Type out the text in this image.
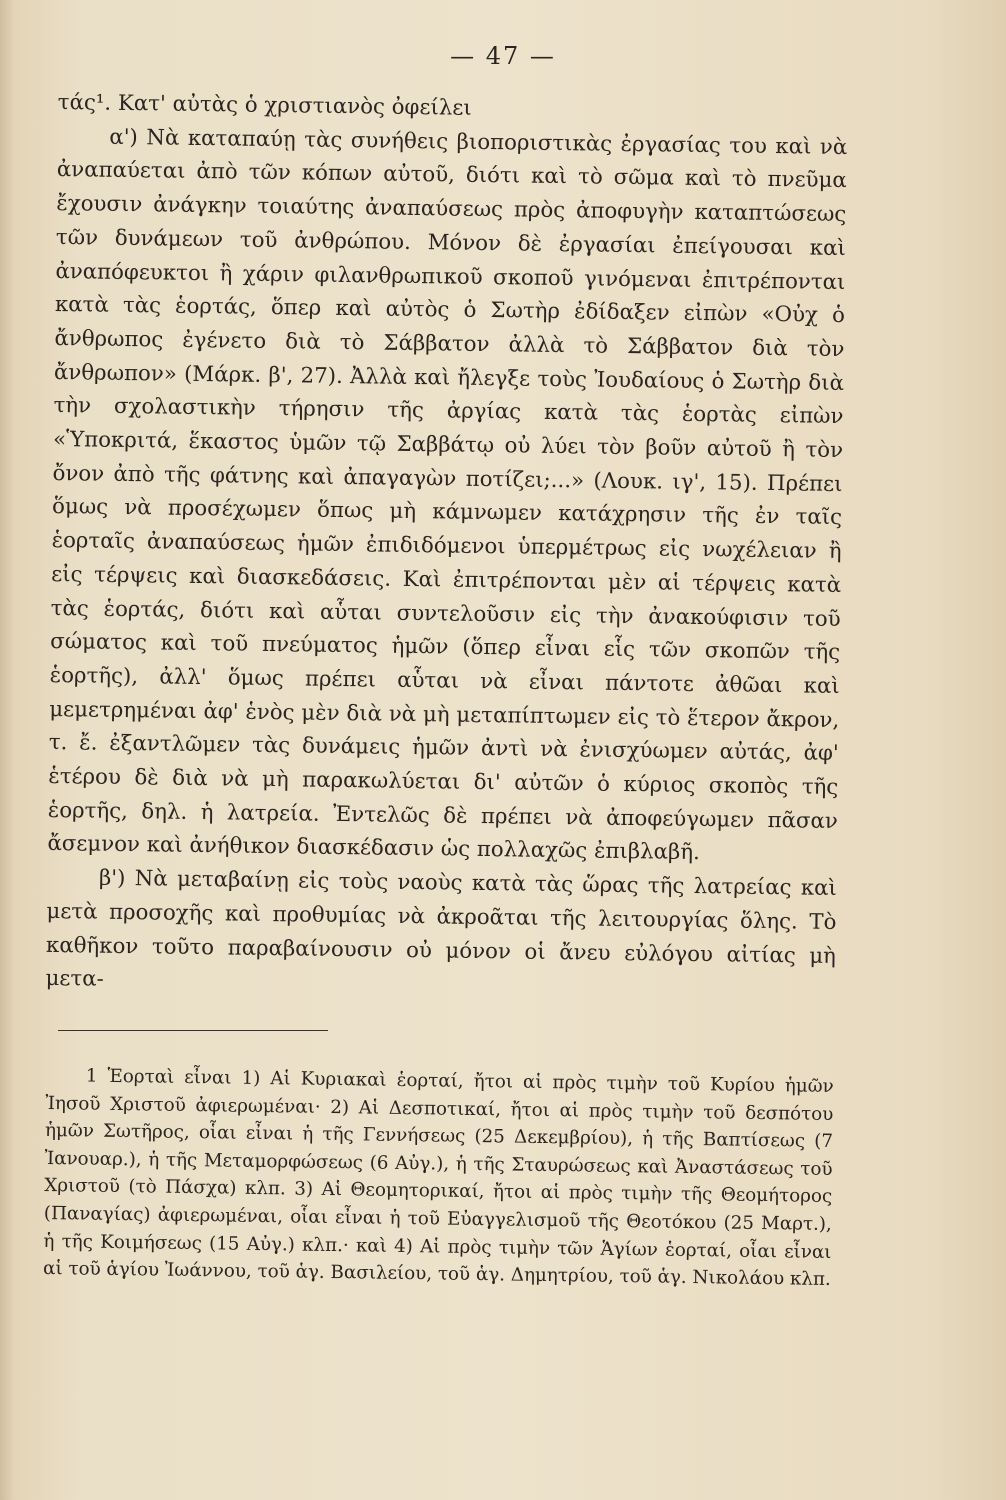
— 47 —

τάς¹. Κατ' αὐτὰς ὁ χριστιανὸς ὀφείλει

α') Νὰ καταπαύῃ τὰς συνήθεις βιοποριστικὰς ἐργασίας του καὶ νὰ ἀναπαύεται ἀπὸ τῶν κόπων αὐτοῦ, διότι καὶ τὸ σῶμα καὶ τὸ πνεῦμα ἔχουσιν ἀνάγκην τοιαύτης ἀναπαύσεως πρὸς ἀποφυγὴν καταπτώσεως τῶν δυνάμεων τοῦ ἀνθρώπου. Μόνον δὲ ἐργασίαι ἐπείγουσαι καὶ ἀναπόφευκτοι ἢ χάριν φιλανθρωπικοῦ σκοποῦ γινόμεναι ἐπιτρέπονται κατὰ τὰς ἑορτάς, ὅπερ καὶ αὐτὸς ὁ Σωτὴρ ἐδίδαξεν εἰπὼν «Οὐχ ὁ ἄνθρωπος ἐγένετο διὰ τὸ Σάββατον ἀλλὰ τὸ Σάββατον διὰ τὸν ἄνθρωπον» (Μάρκ. β', 27). Ἀλλὰ καὶ ἤλεγξε τοὺς Ἰουδαίους ὁ Σωτὴρ διὰ τὴν σχολαστικὴν τήρησιν τῆς ἀργίας κατὰ τὰς ἑορτὰς εἰπὼν «Ὑποκριτά, ἕκαστος ὑμῶν τῷ Σαββάτῳ οὐ λύει τὸν βοῦν αὐτοῦ ἢ τὸν ὄνον ἀπὸ τῆς φάτνης καὶ ἀπαγαγὼν ποτίζει;...» (Λουκ. ιγ', 15). Πρέπει ὅμως νὰ προσέχωμεν ὅπως μὴ κάμνωμεν κατάχρησιν τῆς ἐν ταῖς ἑορταῖς ἀναπαύσεως ἡμῶν ἐπιδιδόμενοι ὑπερμέτρως εἰς νωχέλειαν ἢ εἰς τέρψεις καὶ διασκεδάσεις. Καὶ ἐπιτρέπονται μὲν αἱ τέρψεις κατὰ τὰς ἑορτάς, διότι καὶ αὗται συντελοῦσιν εἰς τὴν ἀνακούφισιν τοῦ σώματος καὶ τοῦ πνεύματος ἡμῶν (ὅπερ εἶναι εἷς τῶν σκοπῶν τῆς ἑορτῆς), ἀλλ' ὅμως πρέπει αὗται νὰ εἶναι πάντοτε ἀθῶαι καὶ μεμετρημέναι ἀφ' ἑνὸς μὲν διὰ νὰ μὴ μεταπίπτωμεν εἰς τὸ ἕτερον ἄκρον, τ. ἔ. ἐξαντλῶμεν τὰς δυνάμεις ἡμῶν ἀντὶ νὰ ἐνισχύωμεν αὐτάς, ἀφ' ἑτέρου δὲ διὰ νὰ μὴ παρακωλύεται δι' αὐτῶν ὁ κύριος σκοπὸς τῆς ἑορτῆς, δηλ. ἡ λατρεία. Ἐντελῶς δὲ πρέπει νὰ ἀποφεύγωμεν πᾶσαν ἄσεμνον καὶ ἀνήθικον διασκέδασιν ὡς πολλαχῶς ἐπιβλαβῆ.

β') Νὰ μεταβαίνῃ εἰς τοὺς ναοὺς κατὰ τὰς ὥρας τῆς λατρείας καὶ μετὰ προσοχῆς καὶ προθυμίας νὰ ἀκροᾶται τῆς λειτουργίας ὅλης. Τὸ καθῆκον τοῦτο παραβαίνουσιν οὐ μόνον οἱ ἄνευ εὐλόγου αἰτίας μὴ μετα-

1 Ἑορταὶ εἶναι 1) Αἱ Κυριακαὶ ἑορταί, ἤτοι αἱ πρὸς τιμὴν τοῦ Κυρίου ἡμῶν Ἰησοῦ Χριστοῦ ἀφιερωμέναι· 2) Αἱ Δεσποτικαί, ἤτοι αἱ πρὸς τιμὴν τοῦ δεσπότου ἡμῶν Σωτῆρος, οἷαι εἶναι ἡ τῆς Γεννήσεως (25 Δεκεμβρίου), ἡ τῆς Βαπτίσεως (7 Ἰανουαρ.), ἡ τῆς Μεταμορφώσεως (6 Αὐγ.), ἡ τῆς Σταυρώσεως καὶ Ἀναστάσεως τοῦ Χριστοῦ (τὸ Πάσχα) κλπ. 3) Αἱ Θεομητορικαί, ἤτοι αἱ πρὸς τιμὴν τῆς Θεομήτορος (Παναγίας) ἀφιερωμέναι, οἷαι εἶναι ἡ τοῦ Εὐαγγελισμοῦ τῆς Θεοτόκου (25 Μαρτ.), ἡ τῆς Κοιμήσεως (15 Αὐγ.) κλπ.· καὶ 4) Αἱ πρὸς τιμὴν τῶν Ἁγίων ἑορταί, οἷαι εἶναι αἱ τοῦ ἁγίου Ἰωάννου, τοῦ ἁγ. Βασιλείου, τοῦ ἁγ. Δημητρίου, τοῦ ἁγ. Νικολάου κλπ.
